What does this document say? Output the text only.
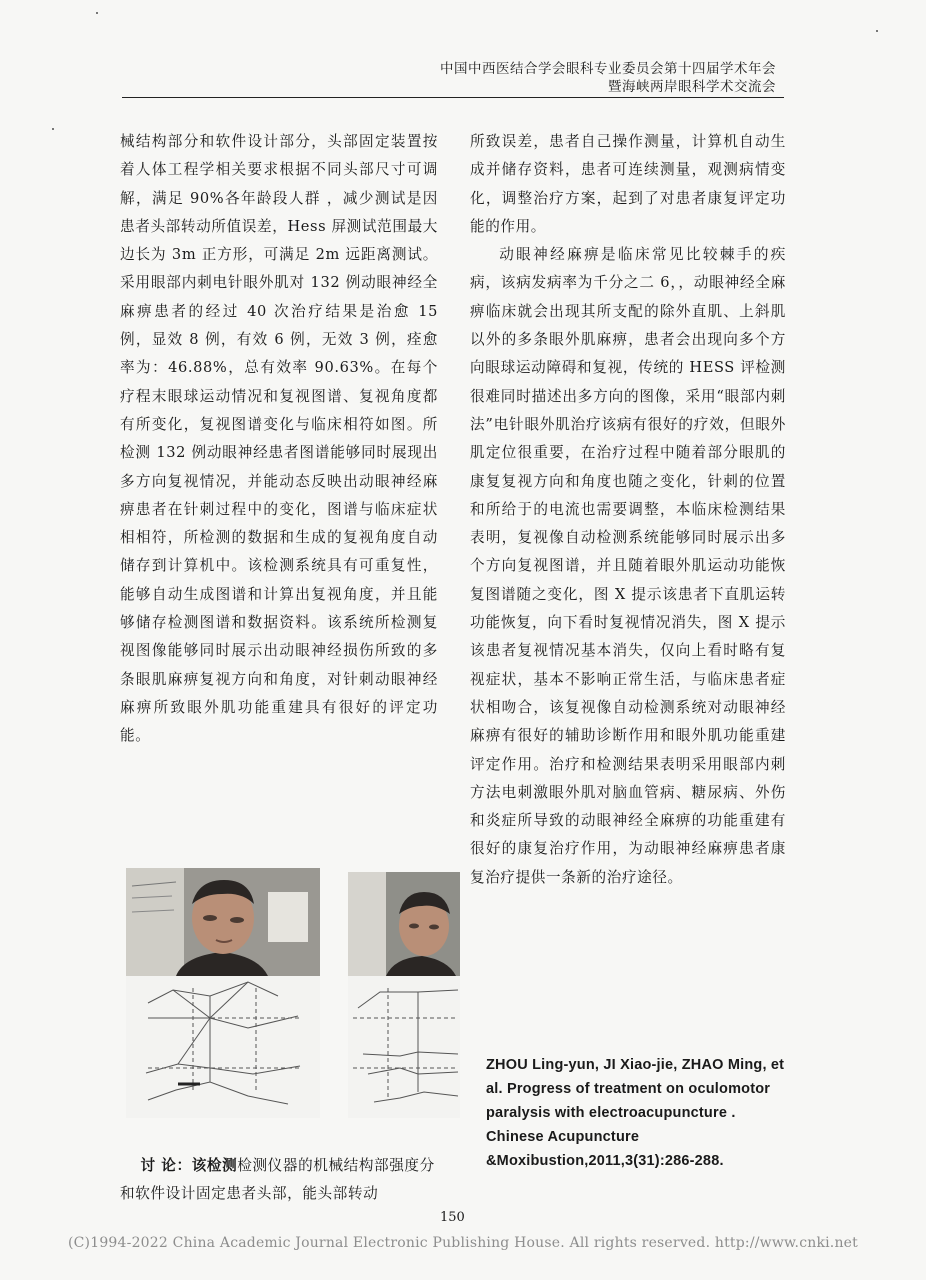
中国中西医结合学会眼科专业委员会第十四届学术年会
暨海峡两岸眼科学术交流会

械结构部分和软件设计部分，头部固定装置按着人体工程学相关要求根据不同头部尺寸可调解，满足 90%各年龄段人群 ，减少测试是因患者头部转动所值误差，Hess 屏测试范围最大边长为 3m 正方形，可满足 2m 远距离测试。采用眼部内刺电针眼外肌对 132 例动眼神经全麻痹患者的经过 40 次治疗结果是治愈 15 例，显效 8 例，有效 6 例，无效 3 例，痊愈率为：46.88%，总有效率 90.63%。在每个疗程末眼球运动情况和复视图谱、复视角度都有所变化，复视图谱变化与临床相符如图。所检测 132 例动眼神经患者图谱能够同时展现出多方向复视情况，并能动态反映出动眼神经麻痹患者在针刺过程中的变化，图谱与临床症状相相符，所检测的数据和生成的复视角度自动储存到计算机中。该检测系统具有可重复性，能够自动生成图谱和计算出复视角度，并且能够储存检测图谱和数据资料。该系统所检测复视图像能够同时展示出动眼神经损伤所致的多条眼肌麻痹复视方向和角度，对针刺动眼神经麻痹所致眼外肌功能重建具有很好的评定功能。

所致误差，患者自己操作测量，计算机自动生成并储存资料，患者可连续测量，观测病情变化，调整治疗方案，起到了对患者康复评定功能的作用。

动眼神经麻痹是临床常见比较棘手的疾病，该病发病率为千分之二 6，，动眼神经全麻痹临床就会出现其所支配的除外直肌、上斜肌以外的多条眼外肌麻痹，患者会出现向多个方向眼球运动障碍和复视，传统的 HESS 评检测很难同时描述出多方向的图像，采用“眼部内刺法”电针眼外肌治疗该病有很好的疗效，但眼外肌定位很重要，在治疗过程中随着部分眼肌的康复复视方向和角度也随之变化，针刺的位置和所给于的电流也需要调整，本临床检测结果表明，复视像自动检测系统能够同时展示出多个方向复视图谱，并且随着眼外肌运动功能恢复图谱随之变化，图 X 提示该患者下直肌运转功能恢复，向下看时复视情况消失，图 X 提示该患者复视情况基本消失，仅向上看时略有复视症状，基本不影响正常生活，与临床患者症状相吻合，该复视像自动检测系统对动眼神经麻痹有很好的辅助诊断作用和眼外肌功能重建评定作用。治疗和检测结果表明采用眼部内刺方法电刺激眼外肌对脑血管病、糖尿病、外伤和炎症所导致的动眼神经全麻痹的功能重建有很好的康复治疗作用，为动眼神经麻痹患者康复治疗提供一条新的治疗途径。

讨 论：该检测检测仪器的机械结构部强度分和软件设计固定患者头部，能头部转动

ZHOU Ling-yun, JI Xiao-jie, ZHAO Ming, et al. Progress of treatment on oculomotor paralysis with electroacupuncture . Chinese Acupuncture &Moxibustion,2011,3(31):286-288.
150
(C)1994-2022 China Academic Journal Electronic Publishing House. All rights reserved. http://www.cnki.net
